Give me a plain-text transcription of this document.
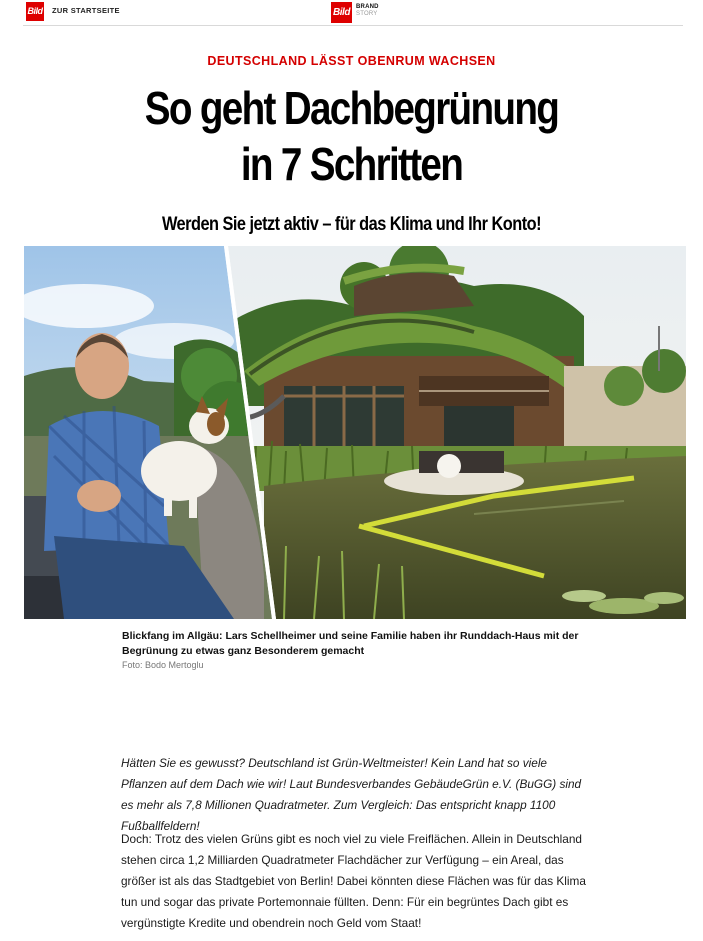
Bild ZUR STARTSEITE	Bild	BRAND
STORY
DEUTSCHLAND LÄSST OBENRUM WACHSEN
So geht Dachbegrünung
in 7 Schritten
Werden Sie jetzt aktiv – für das Klima und Ihr Konto!
Blickfang im Allgäu: Lars Schellheimer und seine Familie haben ihr Runddach-Haus mit der Begrünung zu etwas ganz Besonderem gemacht
Foto: Bodo Mertoglu

Hätten Sie es gewusst? Deutschland ist Grün-Weltmeister! Kein Land hat so viele Pflanzen auf dem Dach wie wir! Laut Bundesverbandes GebäudeGrün e.V. (BuGG) sind es mehr als 7,8 Millionen Quadratmeter. Zum Vergleich: Das entspricht knapp 1100 Fußballfeldern!

Doch: Trotz des vielen Grüns gibt es noch viel zu viele Freiflächen. Allein in Deutschland stehen circa 1,2 Milliarden Quadratmeter Flachdächer zur Verfügung – ein Areal, das größer ist als das Stadtgebiet von Berlin! Dabei könnten diese Flächen was für das Klima tun und sogar das private Portemonnaie füllten. Denn: Für ein begrüntes Dach gibt es vergünstigte Kredite und obendrein noch Geld vom Staat!
